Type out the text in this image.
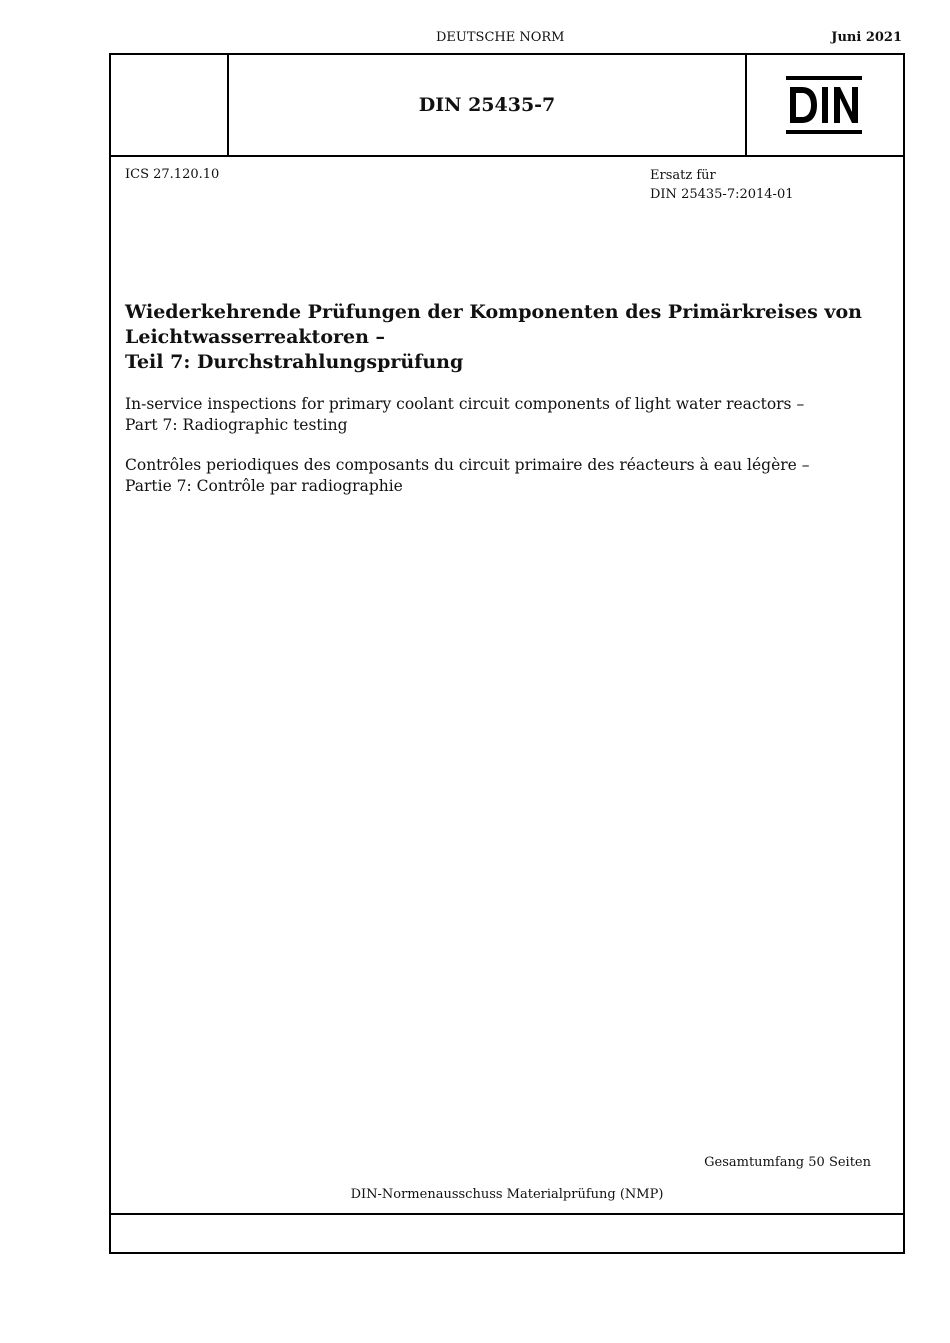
DEUTSCHE NORM	Juni 2021
DIN 25435-7
ICS 27.120.10	Ersatz für
DIN 25435-7:2014-01
Wiederkehrende Prüfungen der Komponenten des Primärkreises von
Leichtwasserreaktoren –
Teil 7: Durchstrahlungsprüfung
In-service inspections for primary coolant circuit components of light water reactors –
Part 7: Radiographic testing
Contrôles periodiques des composants du circuit primaire des réacteurs à eau légère –
Partie 7: Contrôle par radiographie
Gesamtumfang 50 Seiten
DIN-Normenausschuss Materialprüfung (NMP)
